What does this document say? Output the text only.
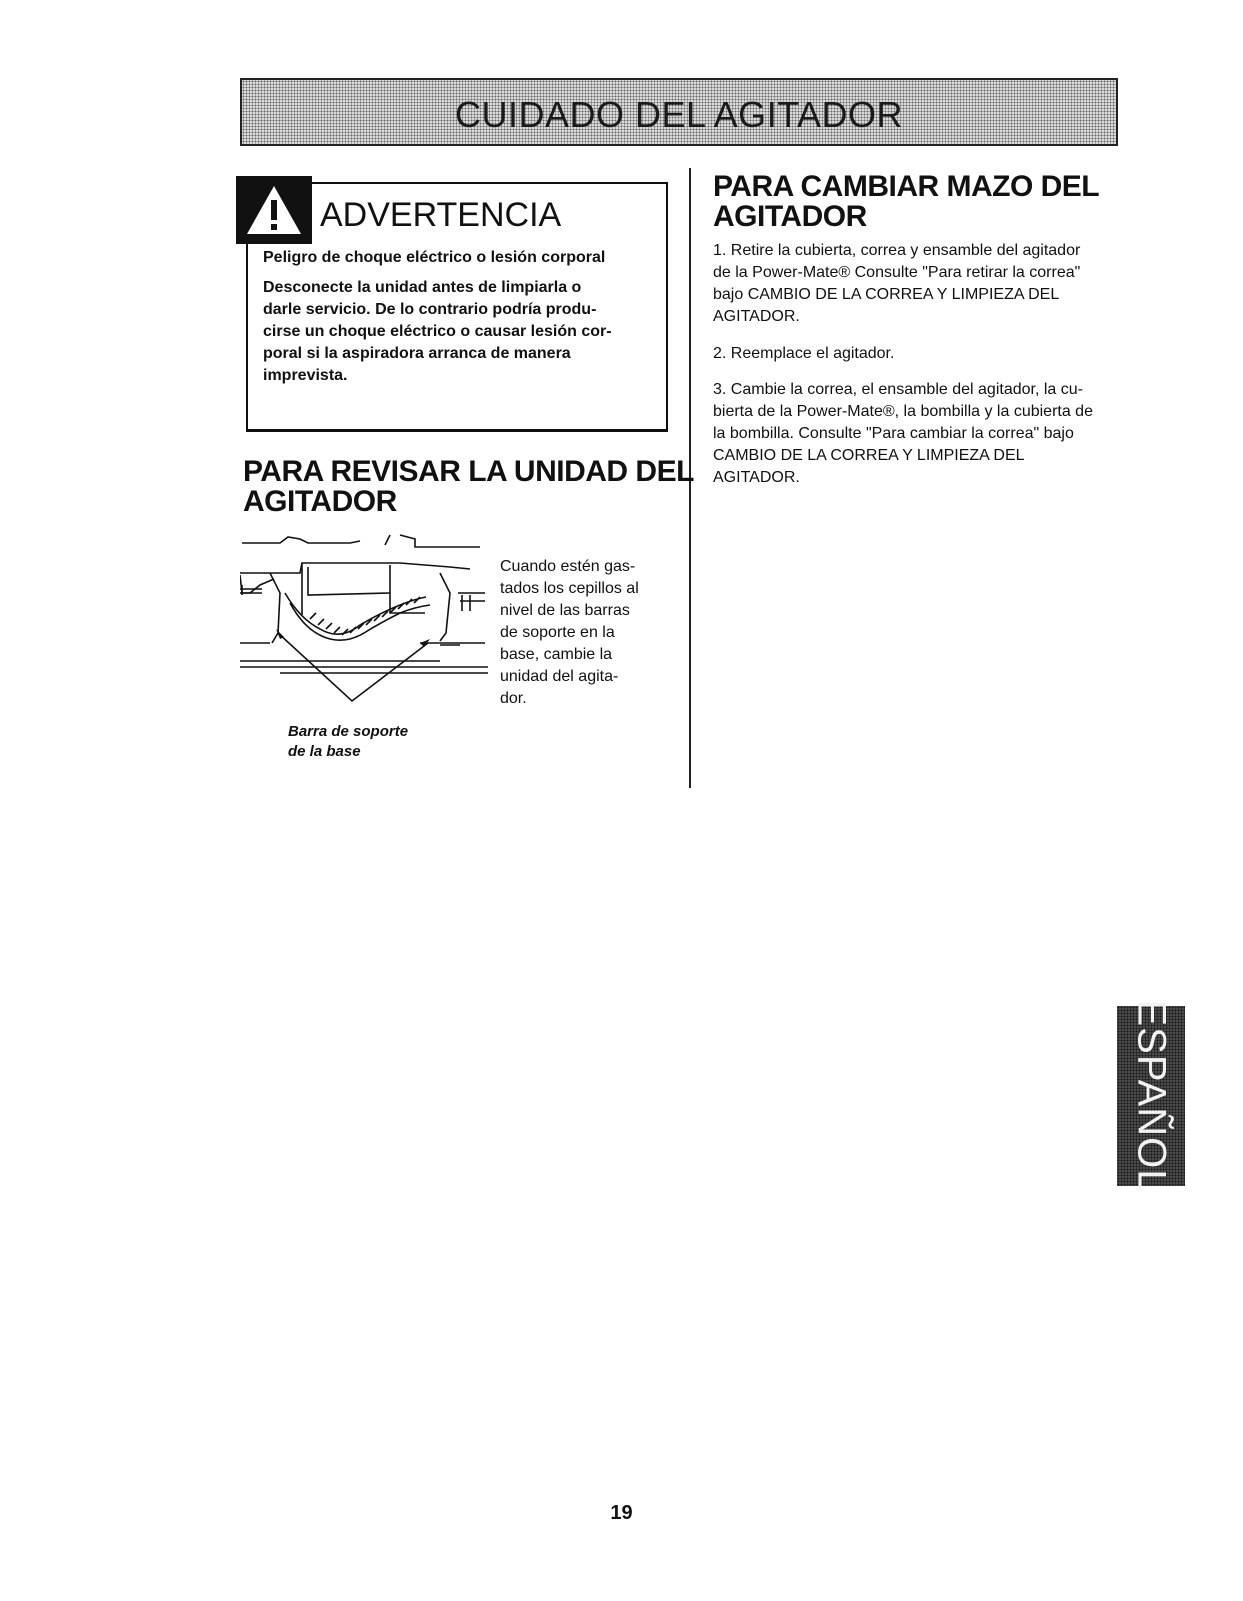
CUIDADO DEL AGITADOR
ADVERTENCIA
Peligro de choque eléctrico o lesión corporal
Desconecte la unidad antes de limpiarla o
darle servicio. De lo contrario podría produ-
cirse un choque eléctrico o causar lesión cor-
poral si la aspiradora arranca de manera
imprevista.
PARA REVISAR LA UNIDAD DEL
AGITADOR
Cuando estén gas-
tados los cepillos al
nivel de las barras
de soporte en la
base, cambie la
unidad del agita-
dor.
Barra de soporte
de la base
PARA CAMBIAR MAZO DEL
AGITADOR
1. Retire la cubierta, correa y ensamble del agitador
de la Power-Mate® Consulte "Para retirar la correa"
bajo CAMBIO DE LA CORREA Y LIMPIEZA DEL
AGITADOR.
2. Reemplace el agitador.
3. Cambie la correa, el ensamble del agitador, la cu-
bierta de la Power-Mate®, la bombilla y la cubierta de
la bombilla. Consulte "Para cambiar la correa" bajo
CAMBIO DE LA CORREA Y LIMPIEZA DEL
AGITADOR.
ESPAÑOL
19
